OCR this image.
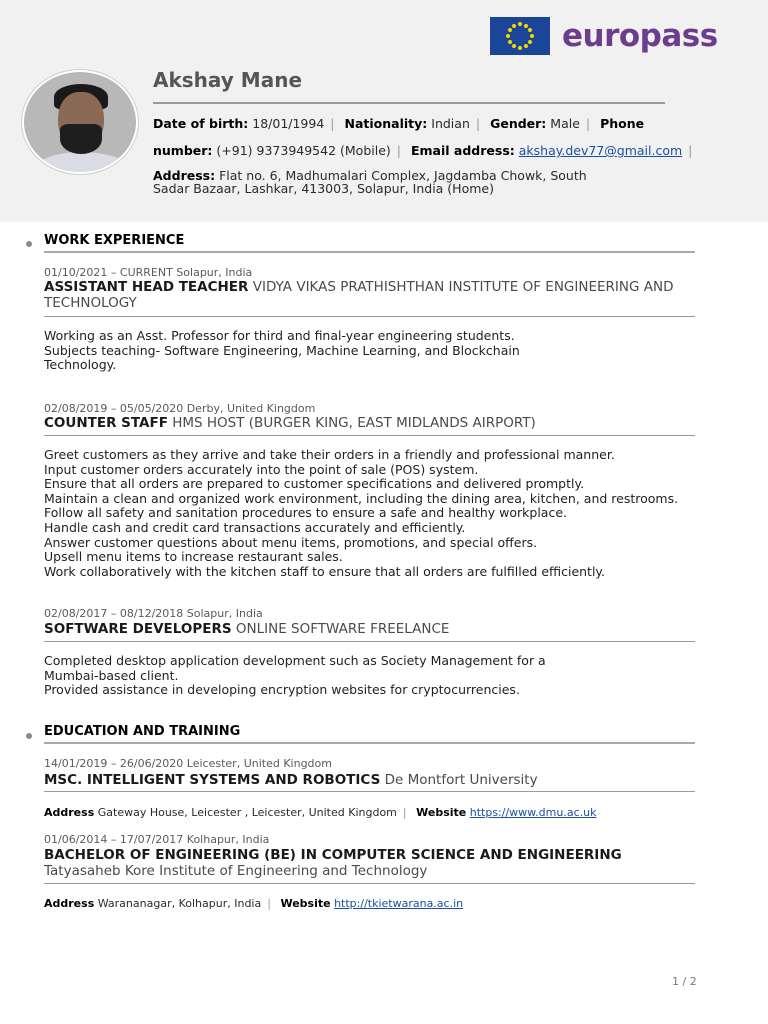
europass
Akshay Mane
Date of birth: 18/01/1994 | Nationality: Indian | Gender: Male | Phone
number: (+91) 9373949542 (Mobile) | Email address: akshay.dev77@gmail.com |
Address: Flat no. 6, Madhumalari Complex, Jagdamba Chowk, South Sadar Bazaar, Lashkar, 413003, Solapur, India (Home)
WORK EXPERIENCE
01/10/2021 – CURRENT Solapur, India
ASSISTANT HEAD TEACHER VIDYA VIKAS PRATHISHTHAN INSTITUTE OF ENGINEERING AND TECHNOLOGY
Working as an Asst. Professor for third and final-year engineering students.
Subjects teaching- Software Engineering, Machine Learning, and Blockchain
Technology.
02/08/2019 – 05/05/2020 Derby, United Kingdom
COUNTER STAFF HMS HOST (BURGER KING, EAST MIDLANDS AIRPORT)
Greet customers as they arrive and take their orders in a friendly and professional manner.
Input customer orders accurately into the point of sale (POS) system.
Ensure that all orders are prepared to customer specifications and delivered promptly.
Maintain a clean and organized work environment, including the dining area, kitchen, and restrooms.
Follow all safety and sanitation procedures to ensure a safe and healthy workplace.
Handle cash and credit card transactions accurately and efficiently.
Answer customer questions about menu items, promotions, and special offers.
Upsell menu items to increase restaurant sales.
Work collaboratively with the kitchen staff to ensure that all orders are fulfilled efficiently.
02/08/2017 – 08/12/2018 Solapur, India
SOFTWARE DEVELOPERS ONLINE SOFTWARE FREELANCE
Completed desktop application development such as Society Management for a
Mumbai-based client.
Provided assistance in developing encryption websites for cryptocurrencies.
EDUCATION AND TRAINING
14/01/2019 – 26/06/2020 Leicester, United Kingdom
MSC. INTELLIGENT SYSTEMS AND ROBOTICS De Montfort University
Address Gateway House, Leicester , Leicester, United Kingdom | Website https://www.dmu.ac.uk
01/06/2014 – 17/07/2017 Kolhapur, India
BACHELOR OF ENGINEERING (BE) IN COMPUTER SCIENCE AND ENGINEERING Tatyasaheb Kore Institute of Engineering and Technology
Address Warananagar, Kolhapur, India | Website http://tkietwarana.ac.in
1 / 2
